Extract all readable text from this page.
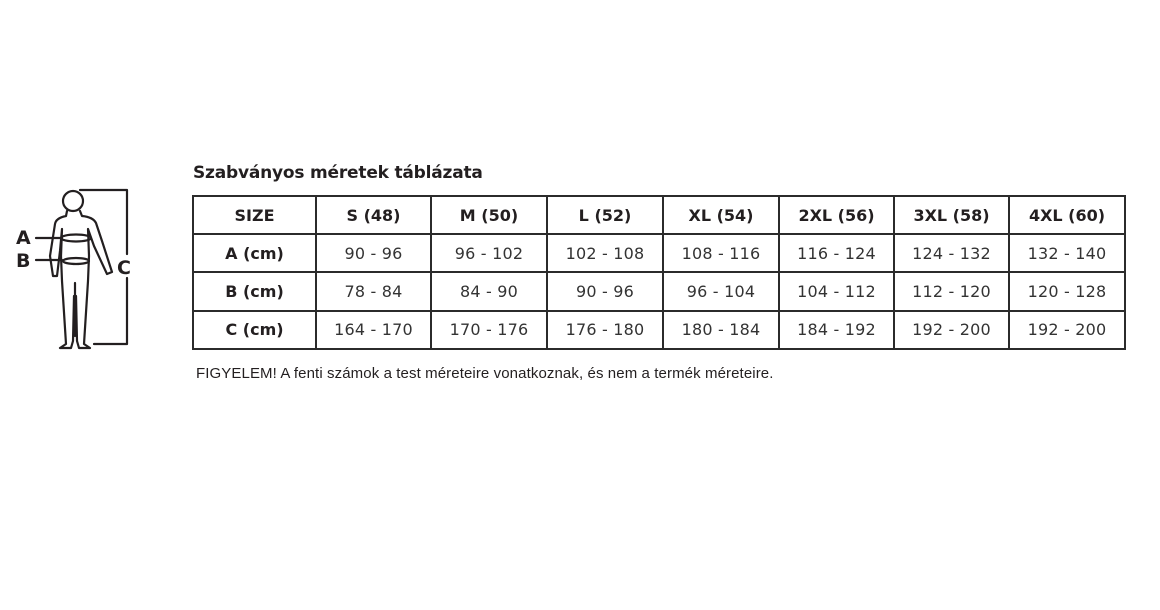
A
B	C
Szabványos méretek táblázata
SIZE	S (48)	M (50)	L (52)	XL (54)	2XL (56)	3XL (58)	4XL (60)
A (cm)	90 - 96	96 - 102	102 - 108	108 - 116	116 - 124	124 - 132	132 - 140
B (cm)	78 - 84	84 - 90	90 - 96	96 - 104	104 - 112	112 - 120	120 - 128
C (cm)	164 - 170	170 - 176	176 - 180	180 - 184	184 - 192	192 - 200	192 - 200
FIGYELEM! A fenti számok a test méreteire vonatkoznak, és nem a termék méreteire.
